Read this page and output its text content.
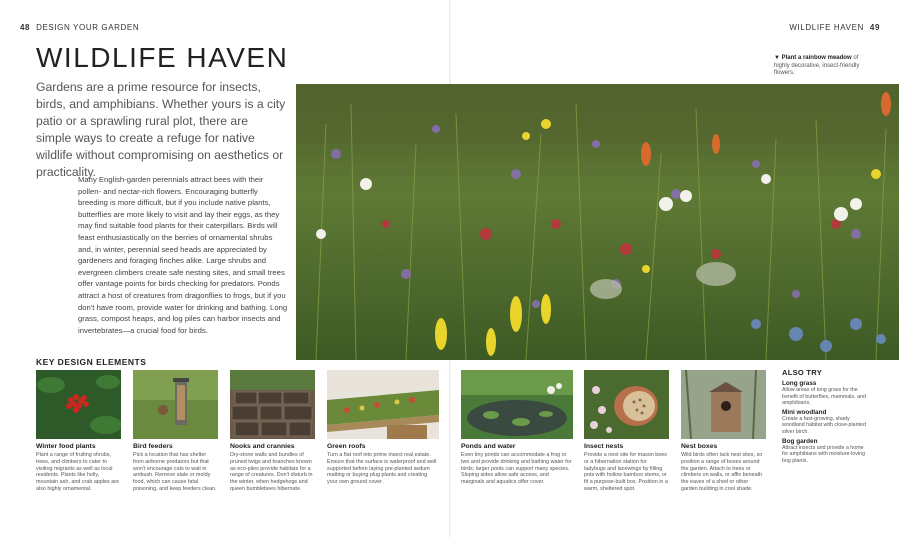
48 DESIGN YOUR GARDEN	WILDLIFE HAVEN 49
WILDLIFE HAVEN

Gardens are a prime resource for insects, birds, and amphibians. Whether yours is a city patio or a sprawling rural plot, there are simple ways to create a refuge for native wildlife without compromising on aesthetics or practicality.

Many English-garden perennials attract bees with their pollen- and nectar-rich flowers. Encouraging butterfly breeding is more difficult, but if you include native plants, butterflies are more likely to visit and lay their eggs, as they may find suitable food plants for their caterpillars. Birds will feast enthusiastically on the berries of ornamental shrubs and, in winter, perennial seed heads are appreciated by gardeners and foraging finches alike. Large shrubs and evergreen climbers create safe nesting sites, and small trees offer vantage points for birds checking for predators. Ponds attract a host of creatures from dragonflies to frogs, but if you don't have room, provide water for drinking and bathing. Long grass, compost heaps, and log piles can harbor insects and invertebrates—a crucial food for birds.

▼ Plant a rainbow meadow of highly decorative, insect-friendly flowers.
KEY DESIGN ELEMENTS
Winter food plants
Plant a range of fruiting shrubs, trees, and climbers to cater to visiting migrants as well as local residents. Plants like holly, mountain ash, and crab apples are also highly ornamental.
Bird feeders
Pick a location that has shelter from airborne predators but that won't encourage cats to wait in ambush. Remove stale or moldy food, which can cause fatal poisoning, and keep feeders clean.
Nooks and crannies
Dry-stone walls and bundles of pruned twigs and branches known as eco-piles provide habitats for a range of creatures. Don't disturb in the winter, when hedgehogs and queen bumblebees hibernate.
Green roofs
Turn a flat roof into prime insect real estate. Ensure that the surface is waterproof and well supported before laying pre-planted sedum matting or buying plug plants and creating your own ground cover.
Ponds and water
Even tiny ponds can accommodate a frog or two and provide drinking and bathing water for birds; larger pools can support many species. Sloping sides allow safe access, and marginals and aquatics offer cover.
Insect nests
Provide a nest site for mason bees or a hibernation station for ladybugs and lacewings by filling pots with hollow bamboo stems, or fit a purpose-built box. Position in a warm, sheltered spot.
Nest boxes
Wild birds often lack nest sites, so position a range of boxes around the garden. Attach to trees or climbers on walls, or affix beneath the eaves of a shed or other garden building in cool shade.
ALSO TRY
Long grass
Allow areas of long grass for the benefit of butterflies, mammals, and amphibians.
Mini woodland
Create a fast-growing, shady woodland habitat with close-planted silver birch.
Bog garden
Attract insects and provide a home for amphibians with moisture-loving bog plants.
